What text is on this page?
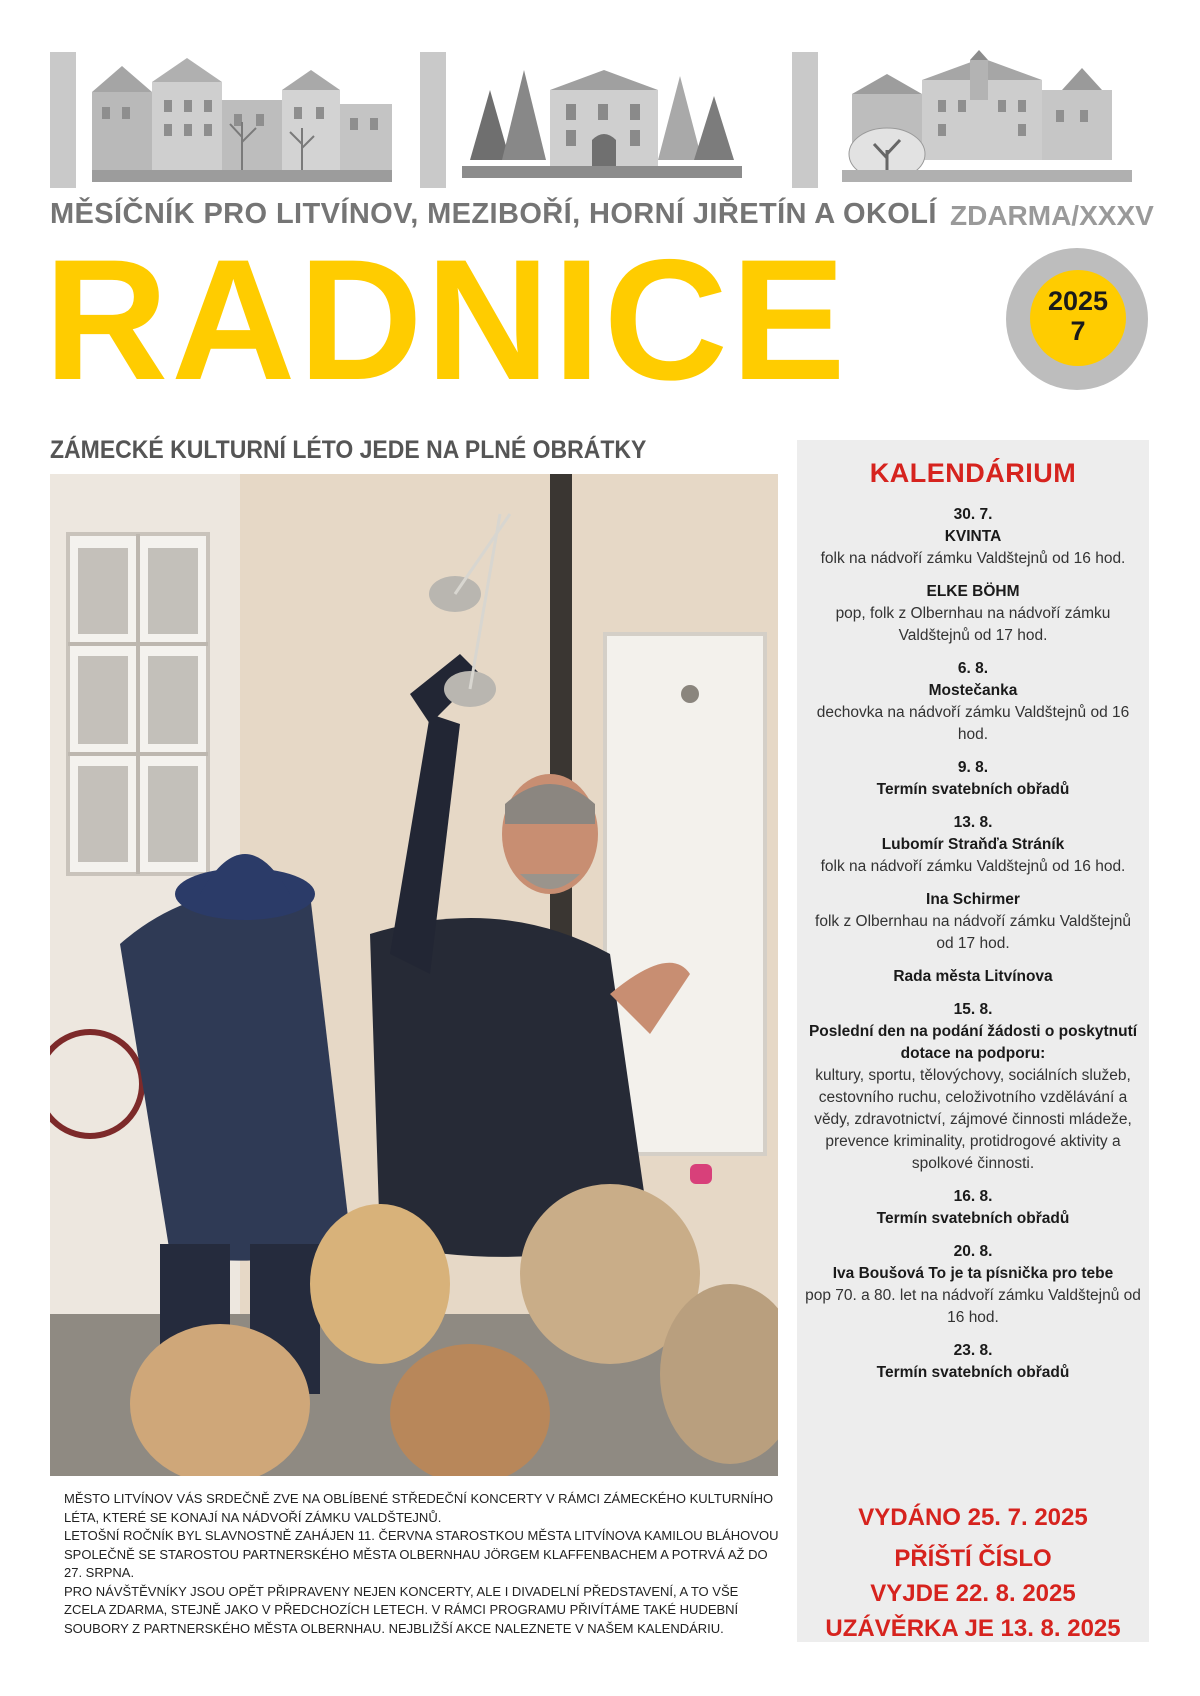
MĚSÍČNÍK PRO LITVÍNOV, MEZIBOŘÍ, HORNÍ JIŘETÍN A OKOLÍ ZDARMA/XXXV
RADNICE	2025
7
ZÁMECKÉ KULTURNÍ LÉTO JEDE NA PLNÉ OBRÁTKY

MĚSTO LITVÍNOV VÁS SRDEČNĚ ZVE NA OBLÍBENÉ STŘEDEČNÍ KONCERTY V RÁMCI ZÁMECKÉHO KULTURNÍHO LÉTA, KTERÉ SE KONAJÍ NA NÁDVOŘÍ ZÁMKU VALDŠTEJNŮ.

LETOŠNÍ ROČNÍK BYL SLAVNOSTNĚ ZAHÁJEN 11. ČERVNA STAROSTKOU MĚSTA LITVÍNOVA KAMILOU BLÁHOVOU SPOLEČNĚ SE STAROSTOU PARTNERSKÉHO MĚSTA OLBERNHAU JÖRGEM KLAFFENBACHEM A POTRVÁ AŽ DO 27. SRPNA.

PRO NÁVŠTĚVNÍKY JSOU OPĚT PŘIPRAVENY NEJEN KONCERTY, ALE I DIVADELNÍ PŘEDSTAVENÍ, A TO VŠE ZCELA ZDARMA, STEJNĚ JAKO V PŘEDCHOZÍCH LETECH. V RÁMCI PROGRAMU PŘIVÍTÁME TAKÉ HUDEBNÍ SOUBORY Z PARTNERSKÉHO MĚSTA OLBERNHAU. NEJBLIŽŠÍ AKCE NALEZNETE V NAŠEM KALENDÁRIU.

KALENDÁRIUM
30. 7.
KVINTA
folk na nádvoří zámku Valdštejnů od 16 hod.
ELKE BÖHM
pop, folk z Olbernhau na nádvoří zámku Valdštejnů od 17 hod.
6. 8.
Mostečanka
dechovka na nádvoří zámku Valdštejnů od 16 hod.
9. 8.
Termín svatebních obřadů
13. 8.
Lubomír Straňďa Stráník
folk na nádvoří zámku Valdštejnů od 16 hod.
Ina Schirmer
folk z Olbernhau na nádvoří zámku Valdštejnů od 17 hod.
Rada města Litvínova
15. 8.
Poslední den na podání žádosti o poskytnutí dotace na podporu:
kultury, sportu, tělovýchovy, sociálních služeb, cestovního ruchu, celoživotního vzdělávání a vědy, zdravotnictví, zájmové činnosti mládeže, prevence kriminality, protidrogové aktivity a spolkové činnosti.
16. 8.
Termín svatebních obřadů
20. 8.
Iva Boušová To je ta písnička pro tebe
pop 70. a 80. let na nádvoří zámku Valdštejnů od 16 hod.
23. 8.
Termín svatebních obřadů
VYDÁNO 25. 7. 2025
PŘÍŠTÍ ČÍSLO
VYJDE 22. 8. 2025
UZÁVĚRKA JE 13. 8. 2025
